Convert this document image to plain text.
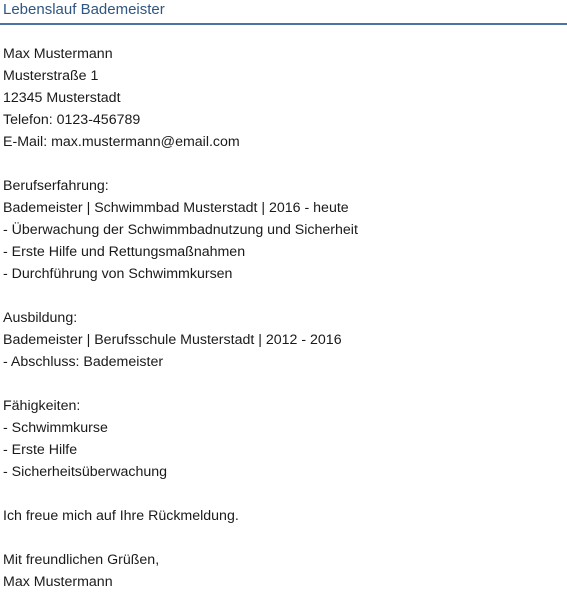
Lebenslauf Bademeister
Max Mustermann
Musterstraße 1
12345 Musterstadt
Telefon: 0123-456789
E-Mail: max.mustermann@email.com
Berufserfahrung:
Bademeister | Schwimmbad Musterstadt | 2016 - heute
- Überwachung der Schwimmbadnutzung und Sicherheit
- Erste Hilfe und Rettungsmaßnahmen
- Durchführung von Schwimmkursen
Ausbildung:
Bademeister | Berufsschule Musterstadt | 2012 - 2016
- Abschluss: Bademeister
Fähigkeiten:
- Schwimmkurse
- Erste Hilfe
- Sicherheitsüberwachung
Ich freue mich auf Ihre Rückmeldung.
Mit freundlichen Grüßen,
Max Mustermann
